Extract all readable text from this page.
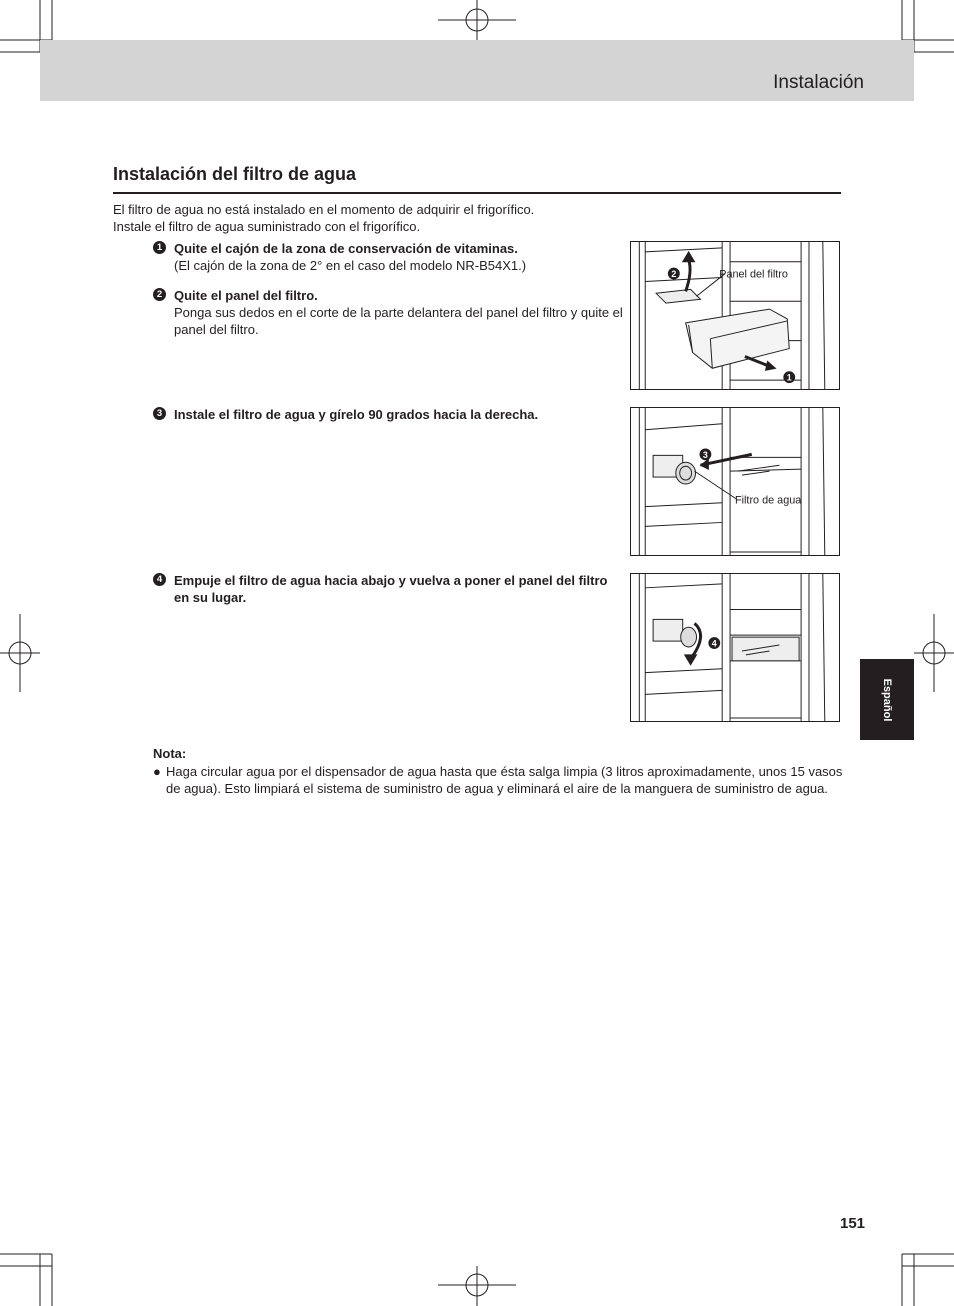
Instalación
Instalación del filtro de agua
El filtro de agua no está instalado en el momento de adquirir el frigorífico.
Instale el filtro de agua suministrado con el frigorífico.
1 Quite el cajón de la zona de conservación de vitaminas.
(El cajón de la zona de 2° en el caso del modelo NR-B54X1.)
2 Quite el panel del filtro.
Ponga sus dedos en el corte de la parte delantera del panel del filtro y quite el panel del filtro.
3 Instale el filtro de agua y gírelo 90 grados hacia la derecha.
4 Empuje el filtro de agua hacia abajo y vuelva a poner el panel del filtro en su lugar.
2
1
Panel del filtro
3
Filtro de agua
4
Nota:
● Haga circular agua por el dispensador de agua hasta que ésta salga limpia (3 litros aproximadamente, unos 15 vasos de agua). Esto limpiará el sistema de suministro de agua y eliminará el aire de la manguera de suministro de agua.
Español
151
